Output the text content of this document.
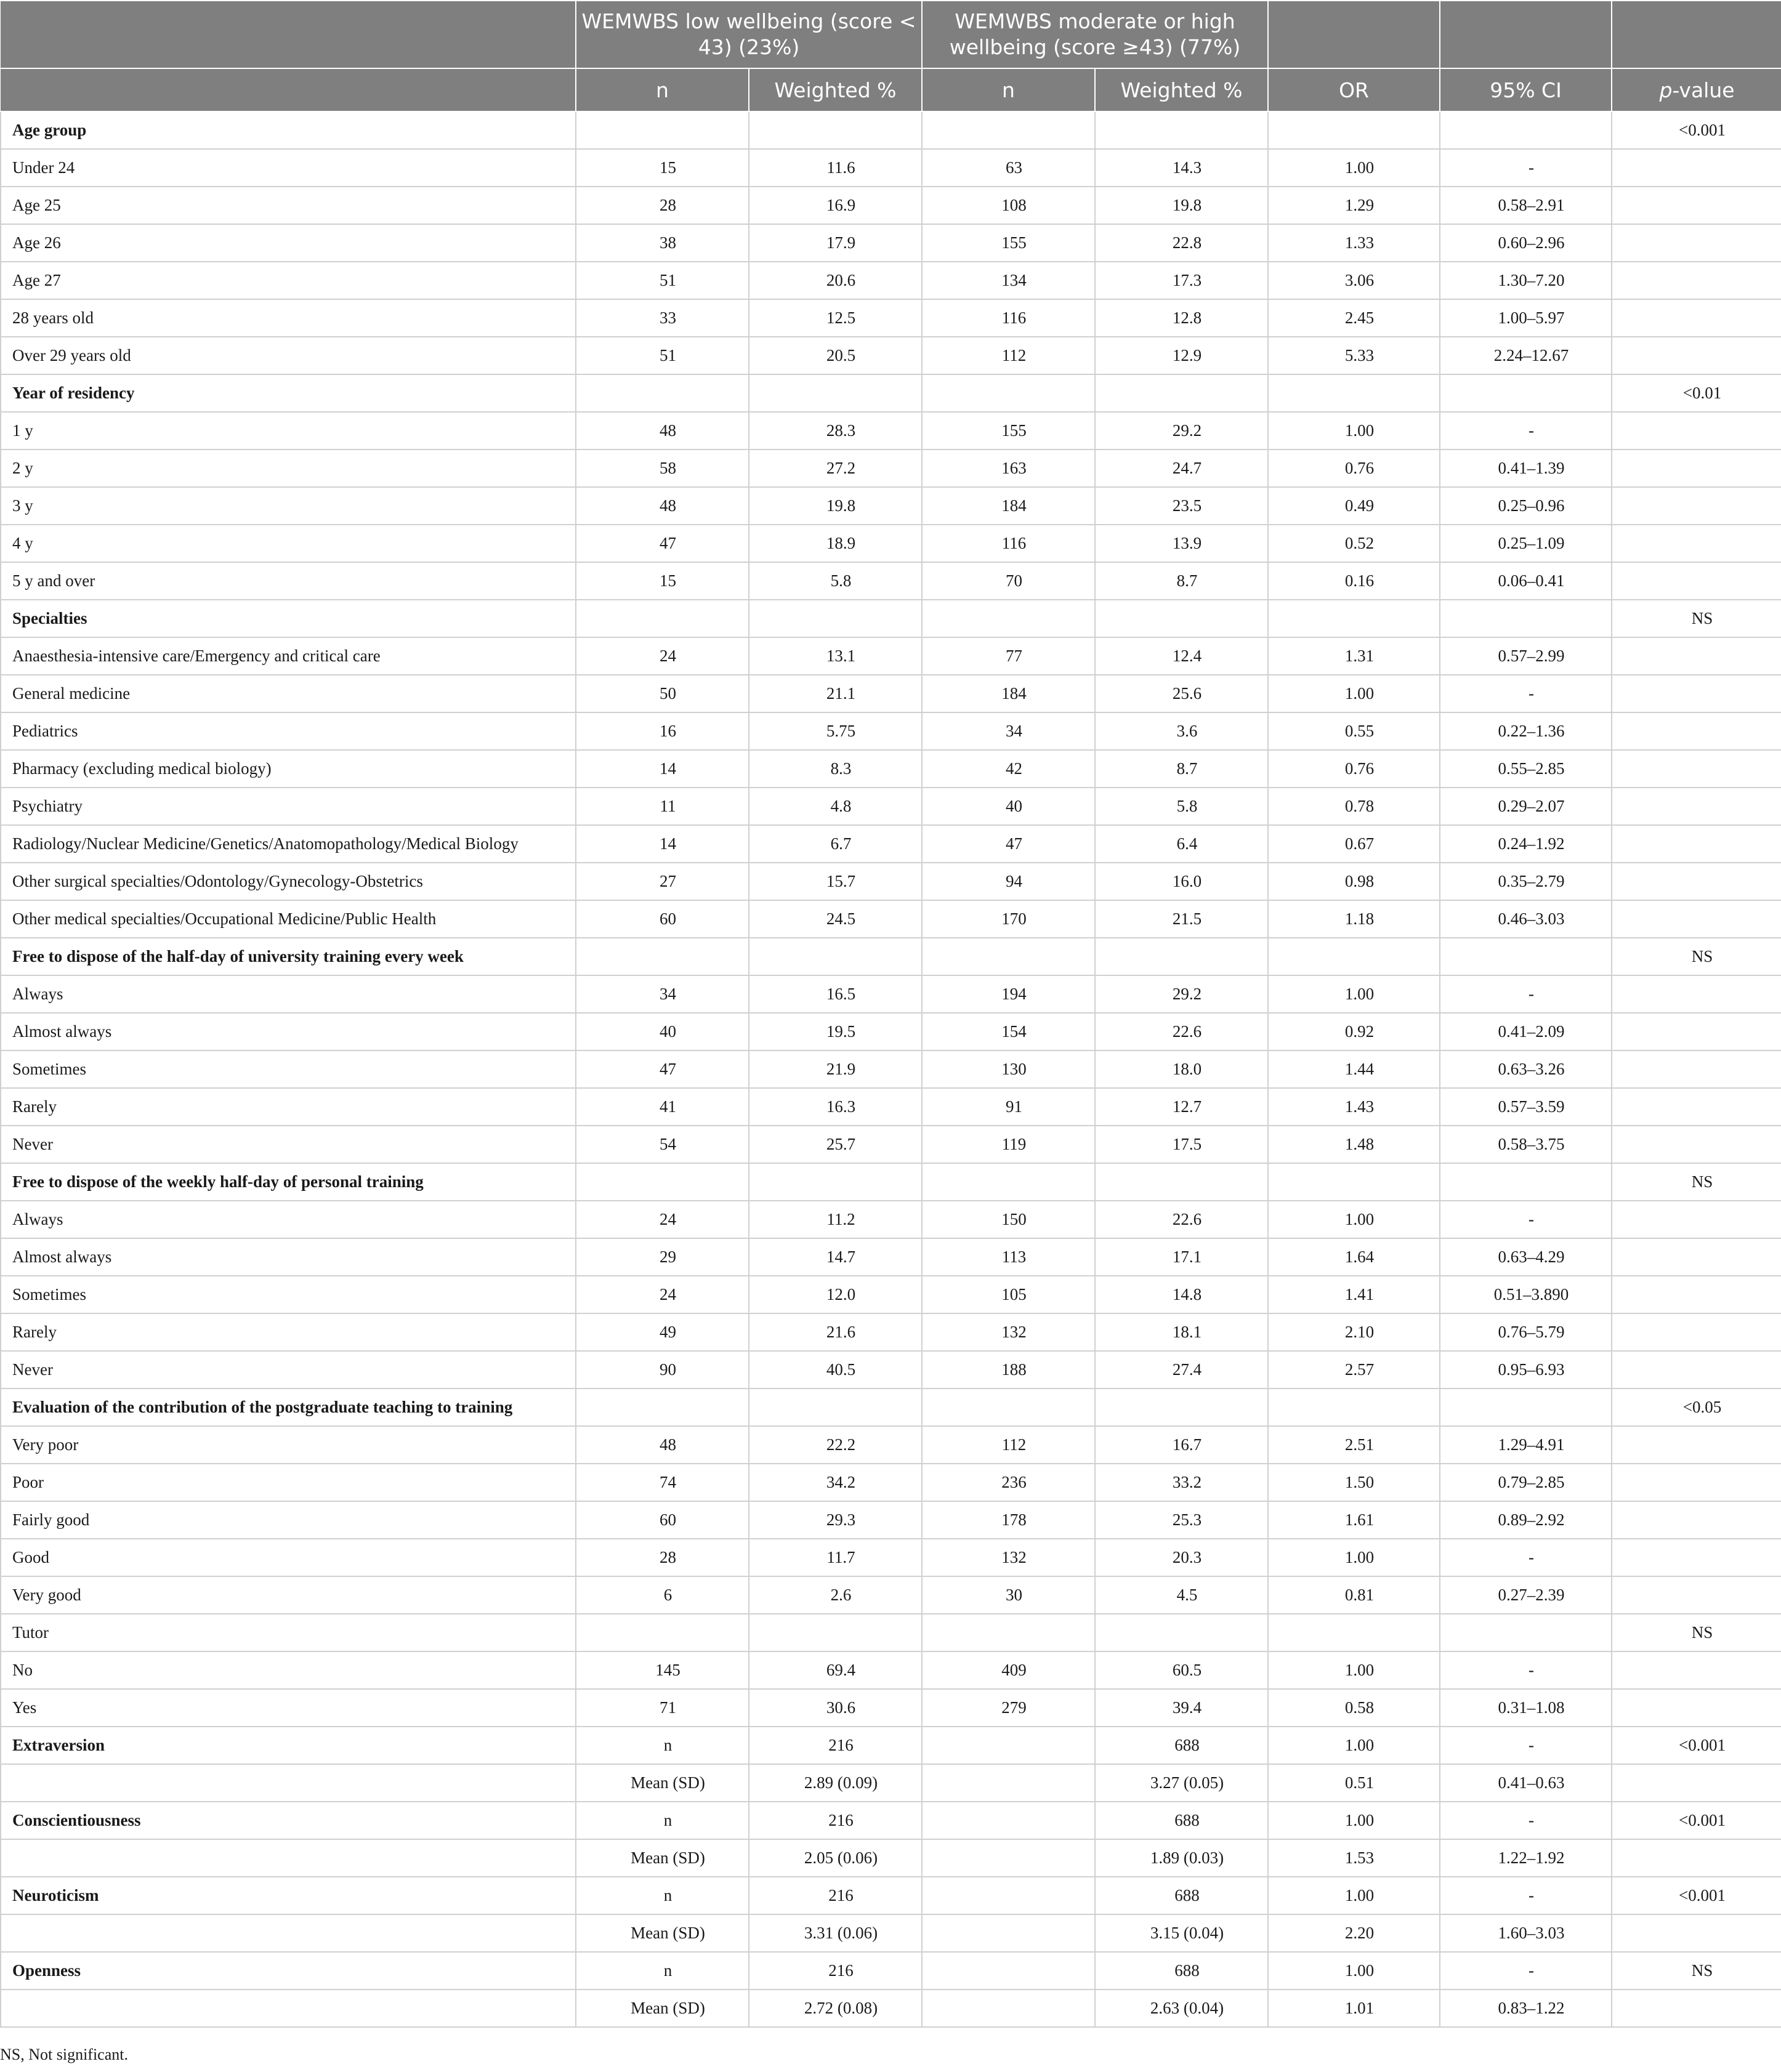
	WEMWBS low wellbeing (score < 43) (23%)		WEMWBS moderate or high wellbeing (score ≥43) (77%)				
	n	Weighted %	n	Weighted %	OR	95% CI	p-value
Age group							<0.001
Under 24	15	11.6	63	14.3	1.00	-	
Age 25	28	16.9	108	19.8	1.29	0.58–2.91	
Age 26	38	17.9	155	22.8	1.33	0.60–2.96	
Age 27	51	20.6	134	17.3	3.06	1.30–7.20	
28 years old	33	12.5	116	12.8	2.45	1.00–5.97	
Over 29 years old	51	20.5	112	12.9	5.33	2.24–12.67	
Year of residency							<0.01
1 y	48	28.3	155	29.2	1.00	-	
2 y	58	27.2	163	24.7	0.76	0.41–1.39	
3 y	48	19.8	184	23.5	0.49	0.25–0.96	
4 y	47	18.9	116	13.9	0.52	0.25–1.09	
5 y and over	15	5.8	70	8.7	0.16	0.06–0.41	
Specialties							NS
Anaesthesia-intensive care/Emergency and critical care	24	13.1	77	12.4	1.31	0.57–2.99	
General medicine	50	21.1	184	25.6	1.00	-	
Pediatrics	16	5.75	34	3.6	0.55	0.22–1.36	
Pharmacy (excluding medical biology)	14	8.3	42	8.7	0.76	0.55–2.85	
Psychiatry	11	4.8	40	5.8	0.78	0.29–2.07	
Radiology/Nuclear Medicine/Genetics/Anatomopathology/Medical Biology	14	6.7	47	6.4	0.67	0.24–1.92	
Other surgical specialties/Odontology/Gynecology-Obstetrics	27	15.7	94	16.0	0.98	0.35–2.79	
Other medical specialties/Occupational Medicine/Public Health	60	24.5	170	21.5	1.18	0.46–3.03	
Free to dispose of the half-day of university training every week							NS
Always	34	16.5	194	29.2	1.00	-	
Almost always	40	19.5	154	22.6	0.92	0.41–2.09	
Sometimes	47	21.9	130	18.0	1.44	0.63–3.26	
Rarely	41	16.3	91	12.7	1.43	0.57–3.59	
Never	54	25.7	119	17.5	1.48	0.58–3.75	
Free to dispose of the weekly half-day of personal training							NS
Always	24	11.2	150	22.6	1.00	-	
Almost always	29	14.7	113	17.1	1.64	0.63–4.29	
Sometimes	24	12.0	105	14.8	1.41	0.51–3.890	
Rarely	49	21.6	132	18.1	2.10	0.76–5.79	
Never	90	40.5	188	27.4	2.57	0.95–6.93	
Evaluation of the contribution of the postgraduate teaching to training							<0.05
Very poor	48	22.2	112	16.7	2.51	1.29–4.91	
Poor	74	34.2	236	33.2	1.50	0.79–2.85	
Fairly good	60	29.3	178	25.3	1.61	0.89–2.92	
Good	28	11.7	132	20.3	1.00	-	
Very good	6	2.6	30	4.5	0.81	0.27–2.39	
Tutor							NS
No	145	69.4	409	60.5	1.00	-	
Yes	71	30.6	279	39.4	0.58	0.31–1.08	
Extraversion	n	216		688	1.00	-	<0.001
	Mean (SD)	2.89 (0.09)		3.27 (0.05)	0.51	0.41–0.63	
Conscientiousness	n	216		688	1.00	-	<0.001
	Mean (SD)	2.05 (0.06)		1.89 (0.03)	1.53	1.22–1.92	
Neuroticism	n	216		688	1.00	-	<0.001
	Mean (SD)	3.31 (0.06)		3.15 (0.04)	2.20	1.60–3.03	
Openness	n	216		688	1.00	-	NS
	Mean (SD)	2.72 (0.08)		2.63 (0.04)	1.01	0.83–1.22	
NS, Not significant.
